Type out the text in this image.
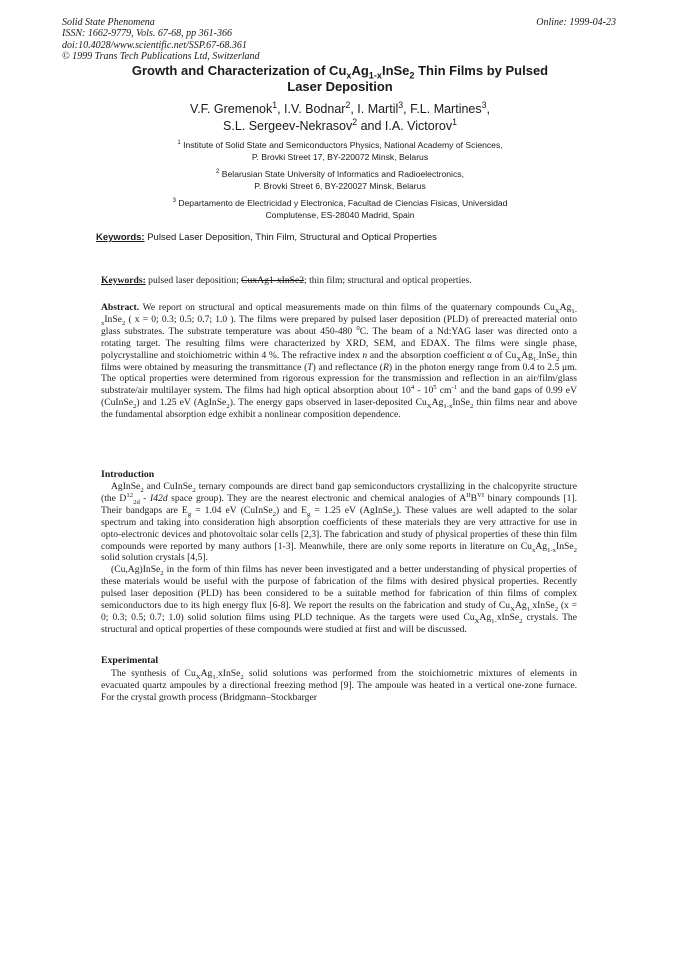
Solid State Phenomena
ISSN: 1662-9779, Vols. 67-68, pp 361-366
doi:10.4028/www.scientific.net/SSP.67-68.361
© 1999 Trans Tech Publications Ltd, Switzerland
Online: 1999-04-23
Growth and Characterization of $Cu_xAg_{1-x}InSe_2$ Thin Films by Pulsed
Laser Deposition
V.F. Gremenok$^1$, I.V. Bodnar$^2$, I. Martil$^3$, F.L. Martines$^3$,
S.L. Sergeev-Nekrasov$^2$ and I.A. Victorov$^1$
$^1$ Institute of Solid State and Semiconductors Physics, National Academy of Sciences,
P. Brovki Street 17, BY-220072 Minsk, Belarus
$^2$ Belarusian State University of Informatics and Radioelectronics,
P. Brovki Street 6, BY-220027 Minsk, Belarus
$^3$ Departamento de Electricidad y Electronica, Facultad de Ciencias Fisicas, Universidad
Complutense, ES-28040 Madrid, Spain
Keywords: Pulsed Laser Deposition, Thin Film, Structural and Optical Properties
Keywords: pulsed laser deposition; CuxAg1-xInSe2; thin film; structural and optical properties.

Abstract. We report on structural and optical measurements made on thin films of the quaternary compounds $Cu_XAg_{1-x}InSe_2$ ( x = 0; 0.3; 0.5; 0.7; 1.0 ). The films were prepared by pulsed laser deposition (PLD) of prereacted material onto glass substrates. The substrate temperature was about 450-480 $^0$C. The beam of a Nd:YAG laser was directed onto a rotating target. The resulting films were characterized by XRD, SEM, and EDAX. The films were single phase, polycrystalline and stoichiometric within 4 %. The refractive index n and the absorption coefficient α of $Cu_XAg_{1-}InSe_2$ thin films were obtained by measuring the transmittance (T) and reflectance (R) in the photon energy range from 0.4 to 2.5 μm. The optical properties were determined from rigorous expression for the transmission and reflection in an air/film/glass substrate/air multilayer system. The films had high optical absorption about $10^4 - 10^5$ $cm^{-1}$ and the band gaps of 0.99 eV (CuInSe$_2$) and 1.25 eV (AgInSe$_2$). The energy gaps observed in laser-deposited $Cu_XAg_{1-x}InSe_2$ thin films near and above the fundamental absorption edge exhibit a nonlinear composition dependence.

Introduction

AgInSe$_2$ and CuInSe$_2$ ternary compounds are direct band gap semiconductors crystallizing in the chalcopyrite structure (the $D^{12}_{2d} - I42d$ space group). They are the nearest electronic and chemical analogies of $A^{II}B^{VI}$ binary compounds [1]. Their bandgaps are $E_g = 1.04$ eV (CuInSe$_2$) and $E_g = 1.25$ eV (AgInSe$_2$). These values are well adapted to the solar spectrum and taking into consideration high absorption coefficients of these materials they are very attractive for use in opto-electronic devices and photovoltaic solar cells [2,3]. The fabrication and study of physical properties of these thin film compounds were reported by many authors [1-3]. Meanwhile, there are only some reports in literature on $Cu_xAg_{1-x}InSe_2$ solid solution crystals [4,5].

(Cu,Ag)InSe$_2$ in the form of thin films has never been investigated and a better understanding of physical properties of these materials would be useful with the purpose of fabrication of the films with desired physical properties. Recently pulsed laser deposition (PLD) has been considered to be a suitable method for fabrication of thin films of complex semiconductors due to its high energy flux [6-8]. We report the results on the fabrication and study of $Cu_XAg_{1-}xInSe_2$ (x = 0; 0.3; 0.5; 0.7; 1.0) solid solution films using PLD technique. As the targets were used $Cu_XAg_{1-}xInSe_2$ crystals. The structural and optical properties of these compounds were studied at first and will be discussed.

Experimental

The synthesis of $Cu_XAg_{1-}xInSe_2$ solid solutions was performed from the stoichiometric mixtures of elements in evacuated quartz ampoules by a directional freezing method [9]. The ampoule was heated in a vertical one-zone furnace. For the crystal growth process (Bridgmann–Stockbarger
